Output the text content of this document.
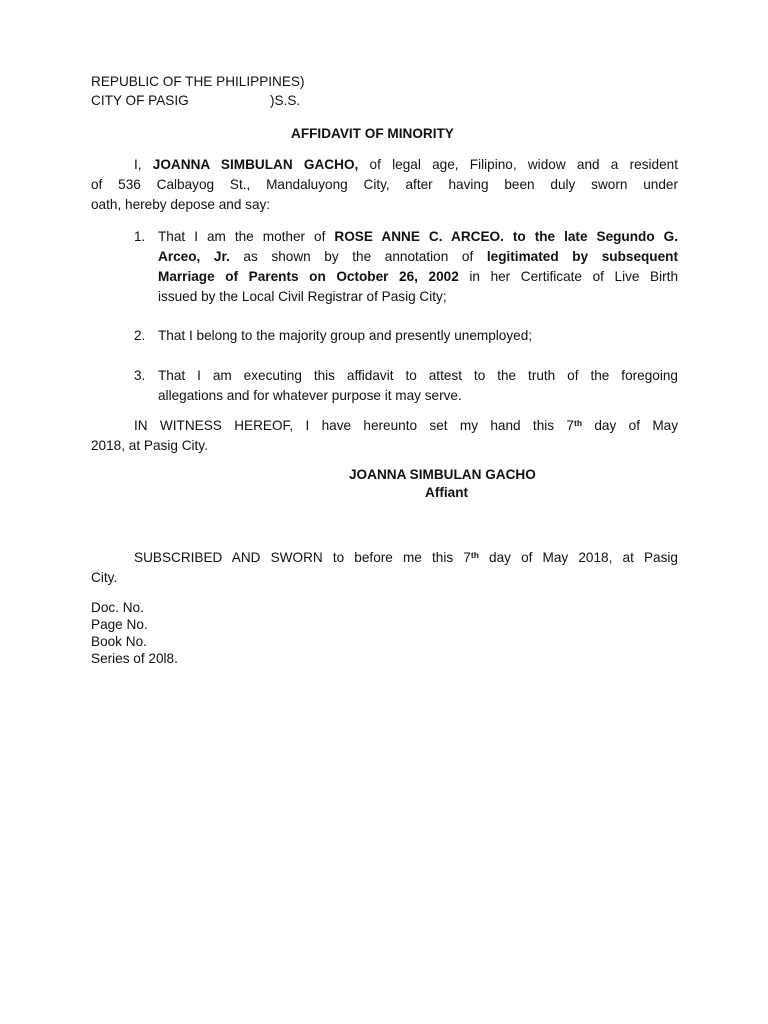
REPUBLIC OF THE PHILIPPINES)
CITY OF PASIG	)S.S.
AFFIDAVIT OF MINORITY
I, JOANNA SIMBULAN GACHO, of legal age, Filipino, widow and a resident
of 536 Calbayog St., Mandaluyong City, after having been duly sworn under
oath, hereby depose and say:
1. That I am the mother of ROSE ANNE C. ARCEO. to the late Segundo G.
Arceo, Jr. as shown by the annotation of legitimated by subsequent
Marriage of Parents on October 26, 2002 in her Certificate of Live Birth
issued by the Local Civil Registrar of Pasig City;
2. That I belong to the majority group and presently unemployed;
3. That I am executing this affidavit to attest to the truth of the foregoing
allegations and for whatever purpose it may serve.
IN WITNESS HEREOF, I have hereunto set my hand this 7th day of May
2018, at Pasig City.
JOANNA SIMBULAN GACHO
Affiant
SUBSCRIBED AND SWORN to before me this 7th day of May 2018, at Pasig
City.
Doc. No.
Page No.
Book No.
Series of 20l8.
